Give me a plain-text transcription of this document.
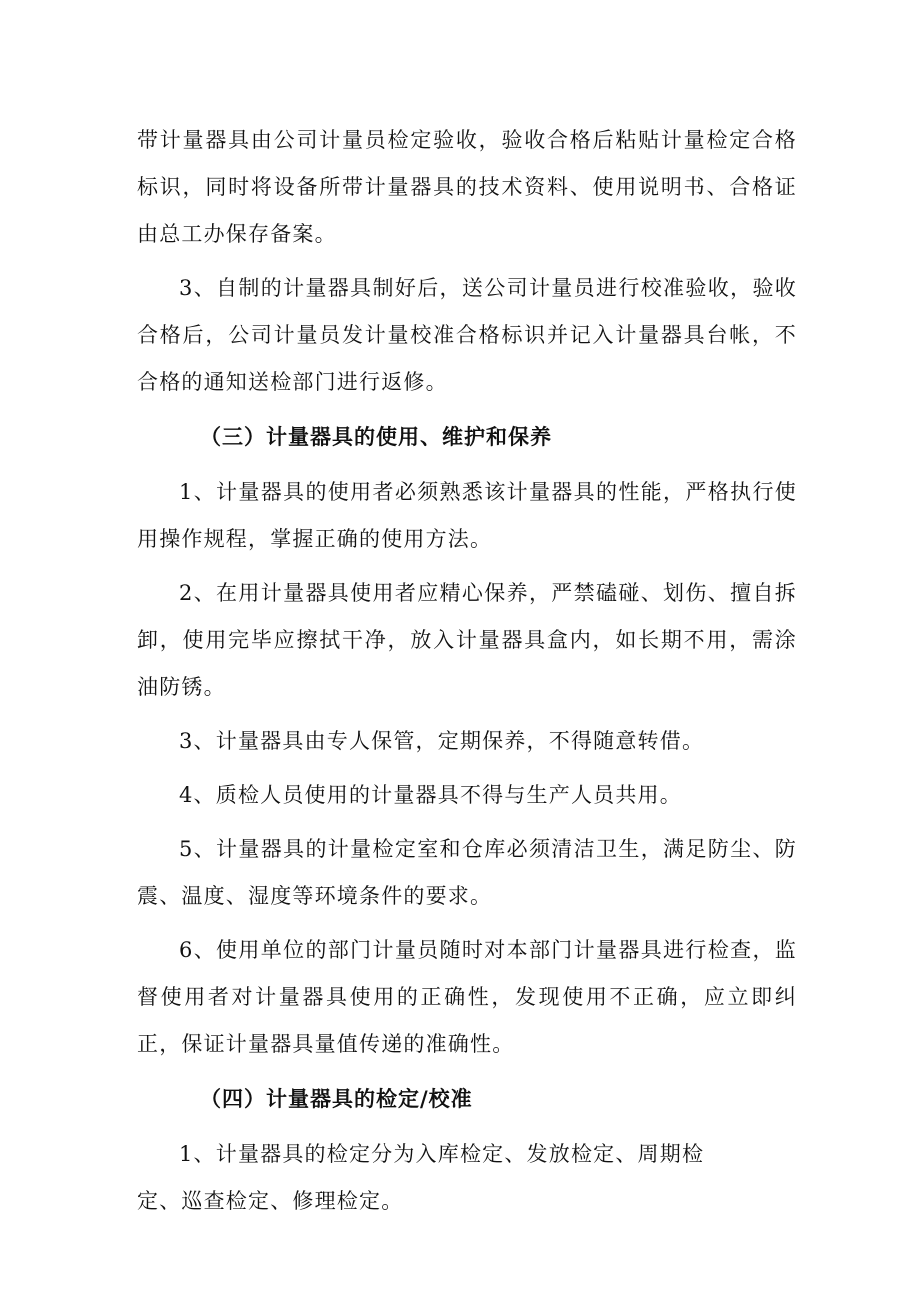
带计量器具由公司计量员检定验收，验收合格后粘贴计量检定合格标识，同时将设备所带计量器具的技术资料、使用说明书、合格证由总工办保存备案。

3、自制的计量器具制好后，送公司计量员进行校准验收，验收合格后，公司计量员发计量校准合格标识并记入计量器具台帐，不合格的通知送检部门进行返修。

（三）计量器具的使用、维护和保养

1、计量器具的使用者必须熟悉该计量器具的性能，严格执行使用操作规程，掌握正确的使用方法。

2、在用计量器具使用者应精心保养，严禁磕碰、划伤、擅自拆卸，使用完毕应擦拭干净，放入计量器具盒内，如长期不用，需涂油防锈。

3、计量器具由专人保管，定期保养，不得随意转借。

4、质检人员使用的计量器具不得与生产人员共用。

5、计量器具的计量检定室和仓库必须清洁卫生，满足防尘、防震、温度、湿度等环境条件的要求。

6、使用单位的部门计量员随时对本部门计量器具进行检查，监督使用者对计量器具使用的正确性，发现使用不正确，应立即纠正，保证计量器具量值传递的准确性。

（四）计量器具的检定/校准

1、计量器具的检定分为入库检定、发放检定、周期检定、巡查检定、修理检定。
